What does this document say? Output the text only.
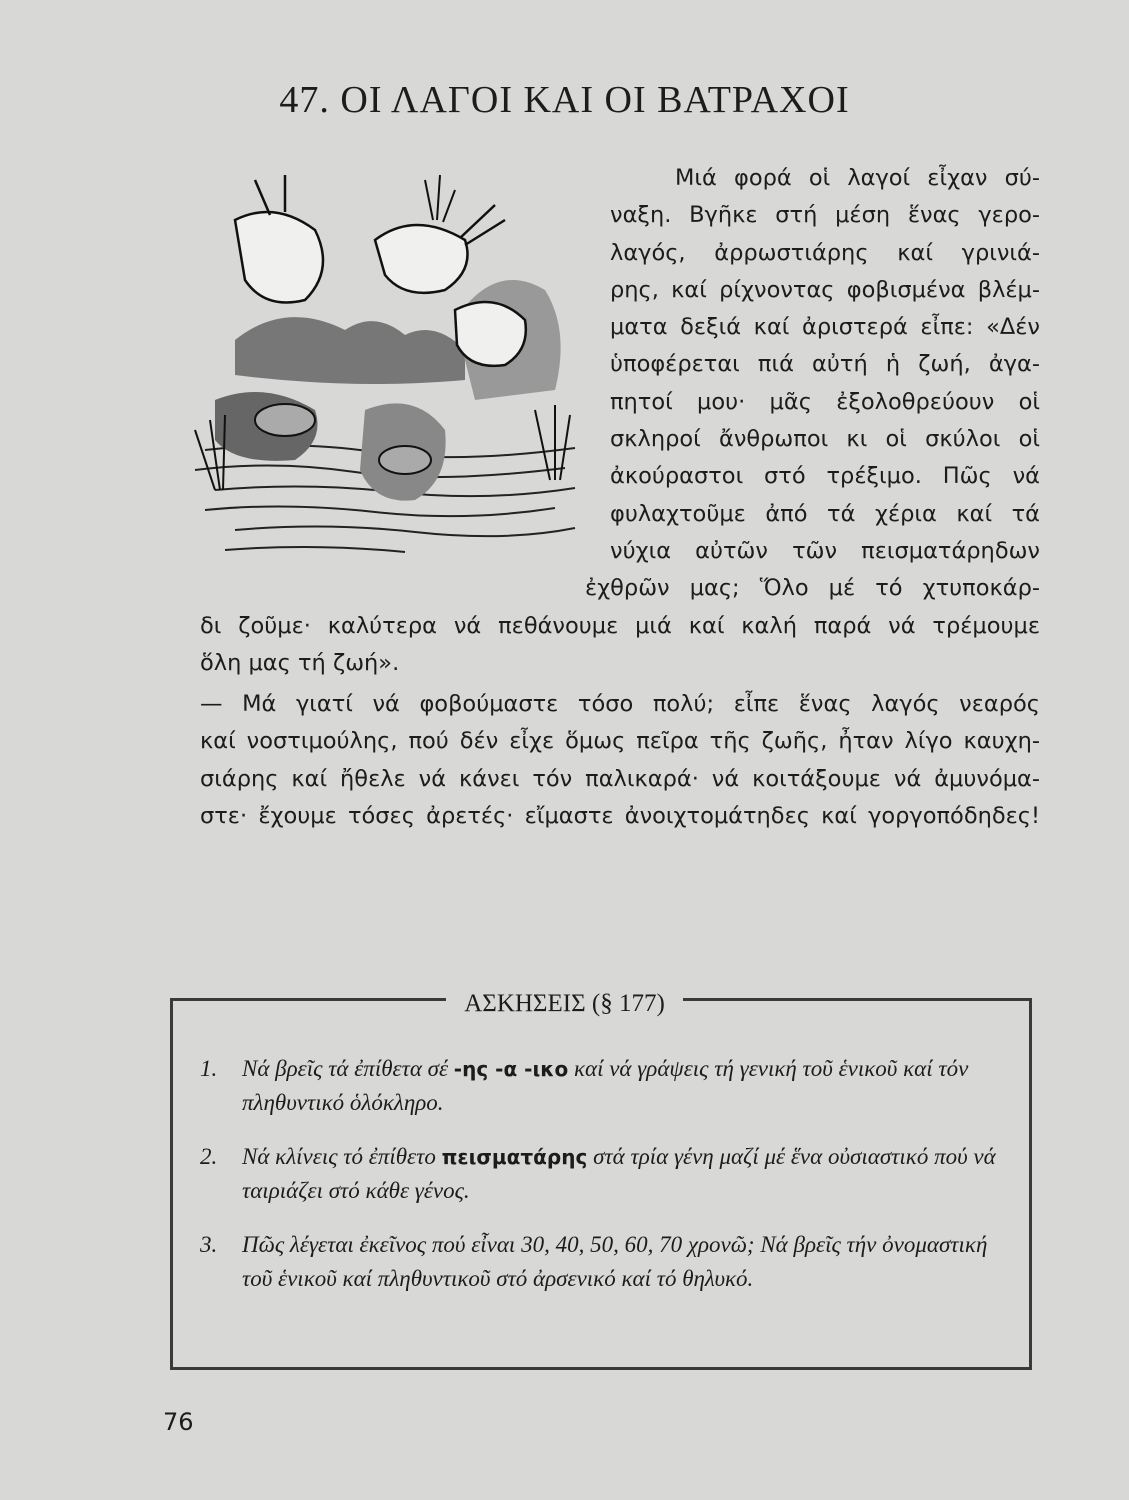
47. ΟΙ ΛΑΓΟΙ ΚΑΙ ΟΙ ΒΑΤΡΑΧΟΙ
Μιά φορά οἱ λαγοί εἶχαν σύ-
ναξη. Βγῆκε στή μέση ἕνας γερο-
λαγός, ἀρρωστιάρης καί γρινιά-
ρης, καί ρίχνοντας φοβισμένα βλέμ-
ματα δεξιά καί ἀριστερά εἶπε: «Δέν
ὑποφέρεται πιά αὐτή ἡ ζωή, ἀγα-
πητοί μου· μᾶς ἐξολοθρεύουν οἱ
σκληροί ἄνθρωποι κι οἱ σκύλοι οἱ
ἀκούραστοι στό τρέξιμο. Πῶς νά
φυλαχτοῦμε ἀπό τά χέρια καί τά
νύχια αὐτῶν τῶν πεισματάρηδων
ἐχθρῶν μας; Ὅλο μέ τό χτυποκάρ-
δι ζοῦμε· καλύτερα νά πεθάνουμε μιά καί καλή παρά νά τρέμουμε
ὅλη μας τή ζωή».
— Μά γιατί νά φοβούμαστε τόσο πολύ; εἶπε ἕνας λαγός νεαρός
καί νοστιμούλης, πού δέν εἶχε ὅμως πεῖρα τῆς ζωῆς, ἦταν λίγο καυχη-
σιάρης καί ἤθελε νά κάνει τόν παλικαρά· νά κοιτάξουμε νά ἀμυνόμα-
στε· ἔχουμε τόσες ἀρετές· εἴμαστε ἀνοιχτομάτηδες καί γοργοπόδηδες!
ΑΣΚΗΣΕΙΣ (§ 177)
1. Νά βρεῖς τά ἐπίθετα σέ -ης -α -ικο καί νά γράψεις τή γενική τοῦ ἑνικοῦ καί τόν πληθυντικό ὁλόκληρο.
2. Νά κλίνεις τό ἐπίθετο πεισματάρης στά τρία γένη μαζί μέ ἕνα οὐσιαστικό πού νά ταιριάζει στό κάθε γένος.
3. Πῶς λέγεται ἐκεῖνος πού εἶναι 30, 40, 50, 60, 70 χρονῶ; Νά βρεῖς τήν ὀνομαστική τοῦ ἑνικοῦ καί πληθυντικοῦ στό ἀρσενικό καί τό θηλυκό.
76
